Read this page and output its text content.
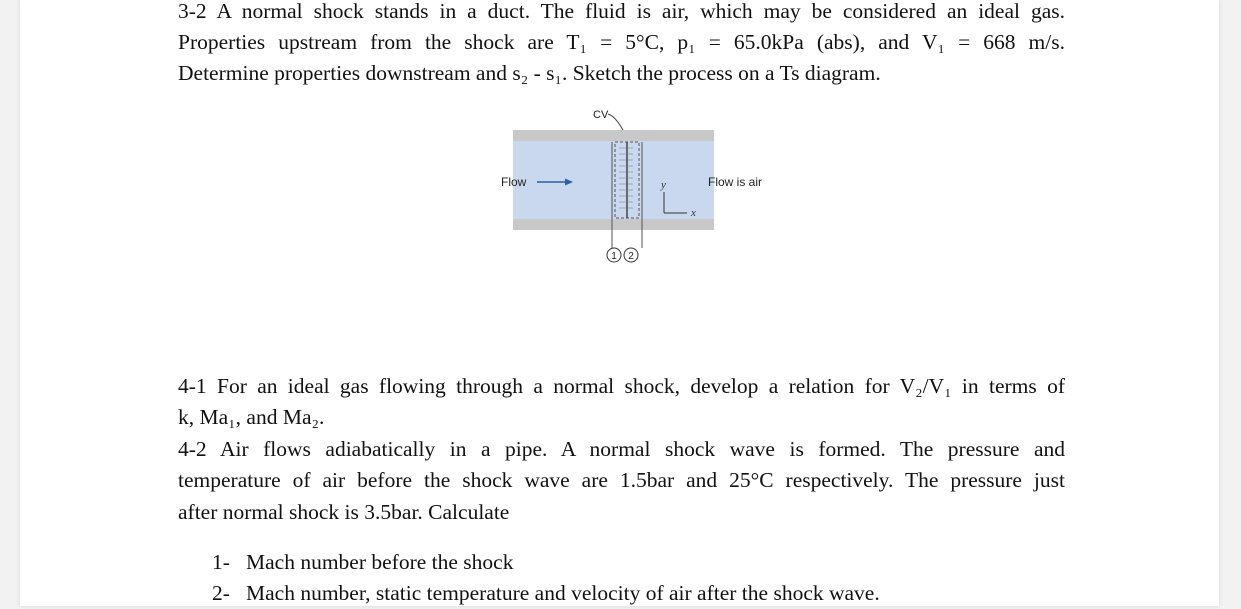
3-2 A normal shock stands in a duct. The fluid is air, which may be considered an ideal gas.
Properties upstream from the shock are T₁ = 5°C, p₁ = 65.0kPa (abs), and V₁ = 668 m/s.
Determine properties downstream and s₂ - s₁. Sketch the process on a Ts diagram.
CV
Flow	Flow is air
y
x
1 2
4-1 For an ideal gas flowing through a normal shock, develop a relation for V₂/V₁ in terms of
k, Ma₁, and Ma₂.
4-2 Air flows adiabatically in a pipe. A normal shock wave is formed. The pressure and
temperature of air before the shock wave are 1.5bar and 25°C respectively. The pressure just
after normal shock is 3.5bar. Calculate
1- Mach number before the shock
2- Mach number, static temperature and velocity of air after the shock wave.
